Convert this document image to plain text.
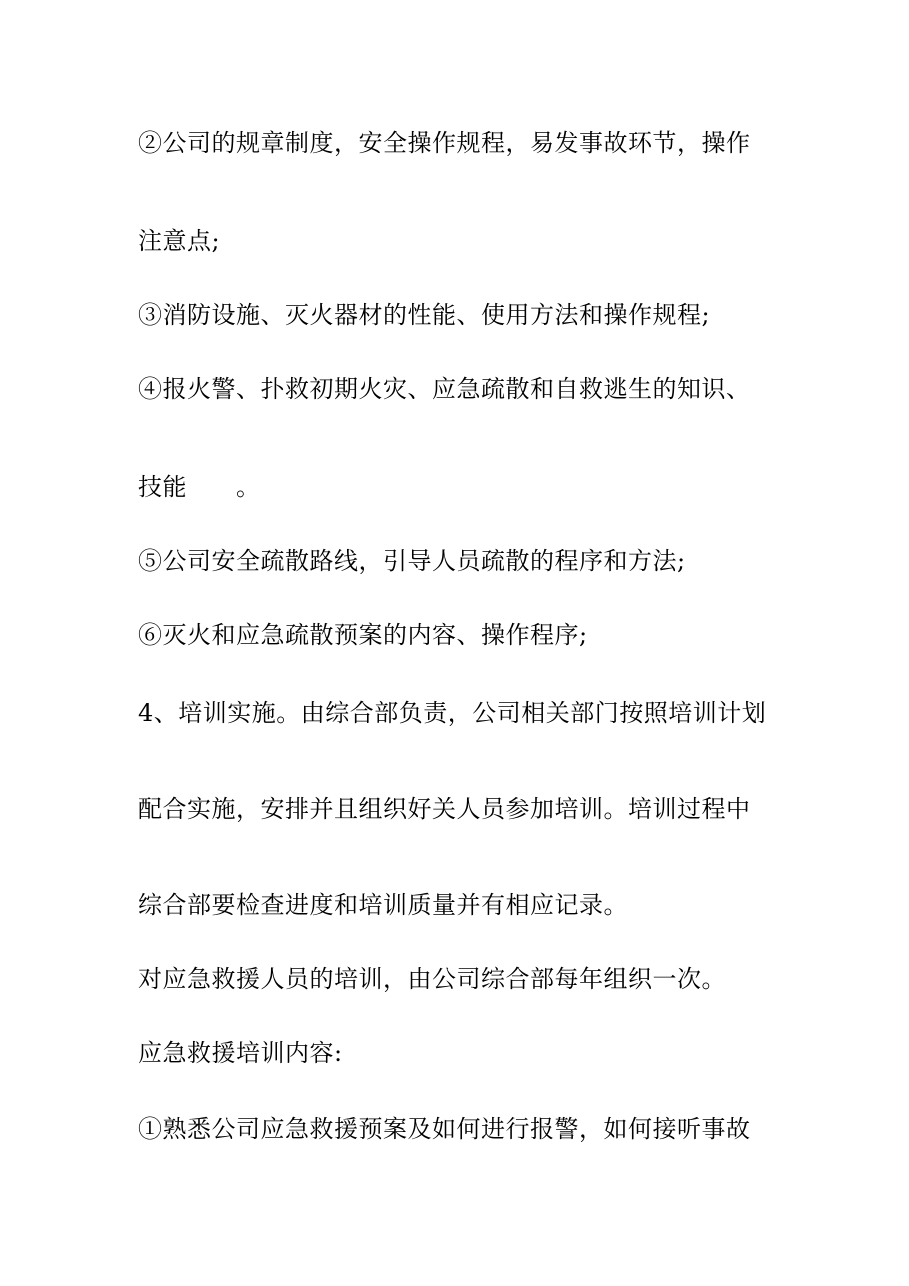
②公司的规章制度，安全操作规程，易发事故环节，操作
注意点;
③消防设施、灭火器材的性能、使用方法和操作规程;
④报火警、扑救初期火灾、应急疏散和自救逃生的知识、
技能　　。
⑤公司安全疏散路线，引导人员疏散的程序和方法;
⑥灭火和应急疏散预案的内容、操作程序;
4、培训实施。由综合部负责，公司相关部门按照培训计划
配合实施，安排并且组织好关人员参加培训。培训过程中
综合部要检查进度和培训质量并有相应记录。
对应急救援人员的培训，由公司综合部每年组织一次。
应急救援培训内容:
①熟悉公司应急救援预案及如何进行报警，如何接听事故
